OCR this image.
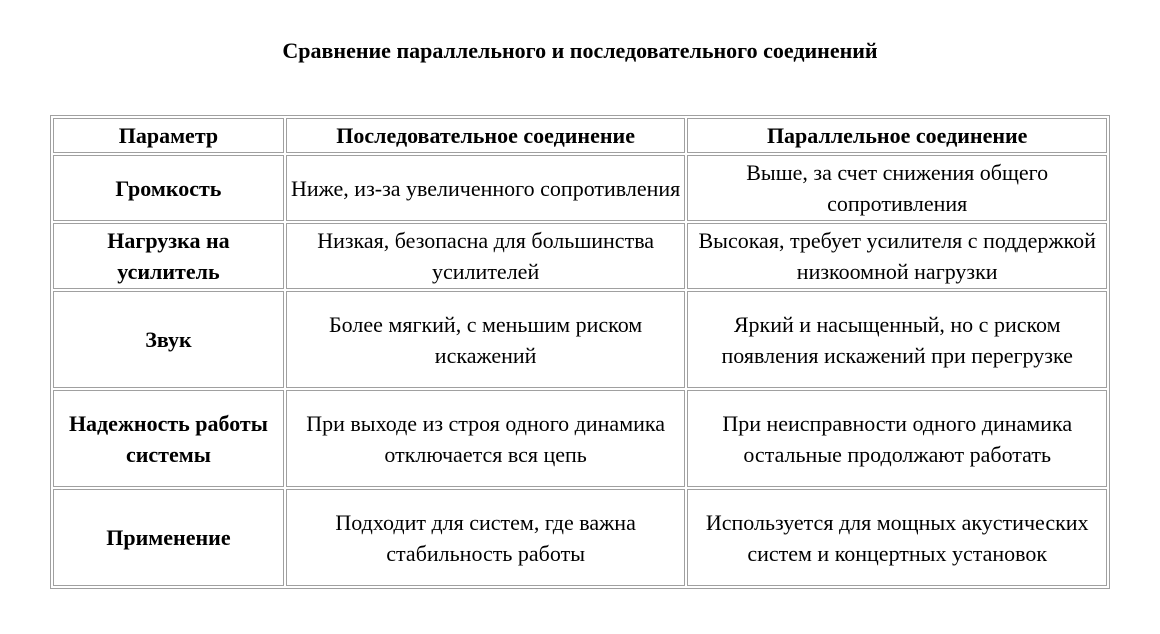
Сравнение параллельного и последовательного соединений
Параметр	Последовательное соединение	Параллельное соединение
Громкость	Ниже, из-за увеличенного сопротивления	Выше, за счет снижения общего сопротивления
Нагрузка на усилитель	Низкая, безопасна для большинства усилителей	Высокая, требует усилителя с поддержкой низкоомной нагрузки
Звук	Более мягкий, с меньшим риском искажений	Яркий и насыщенный, но с риском появления искажений при перегрузке
Надежность работы системы	При выходе из строя одного динамика отключается вся цепь	При неисправности одного динамика остальные продолжают работать
Применение	Подходит для систем, где важна стабильность работы	Используется для мощных акустических систем и концертных установок
